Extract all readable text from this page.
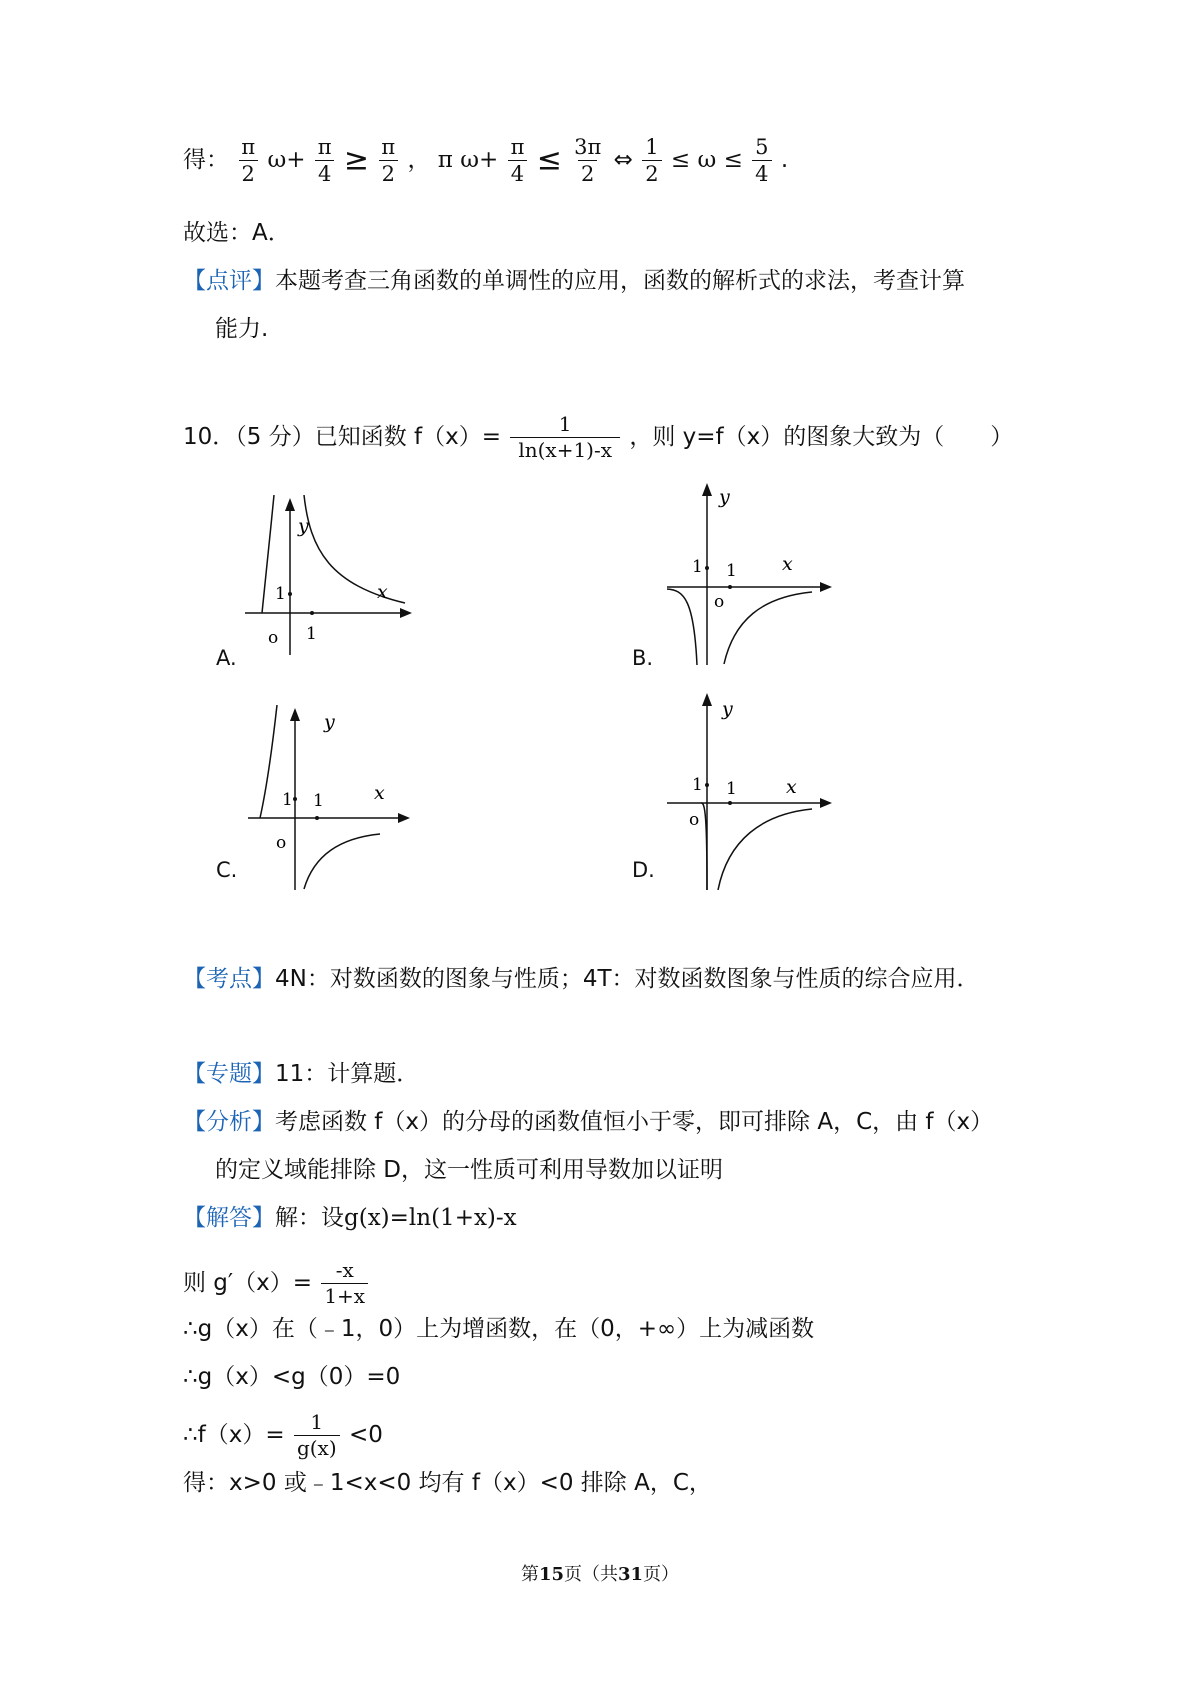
得： $\frac{\pi}{2} \omega+ \frac{\pi}{4} \ge \frac{\pi}{2}$ ， π $\omega+ \frac{\pi}{4} \le \frac{3\pi}{2}$ ⇔ $\frac{1}{2} \le \omega \le \frac{5}{4}$ .
故选：A．
【点评】本题考查三角函数的单调性的应用，函数的解析式的求法，考查计算
能力.
10．（5 分）已知函数 $f(x)= \frac{1}{\ln(x+1)-x}$ ，则 y=f（x）的图象大致为（　　）
y
x
1
1
o
A.
y
x
1 1
o
B.
y
x
1 1
o
C.
y
x
1 1
o
D.
【考点】4N：对数函数的图象与性质；4T：对数函数图象与性质的综合应用．
【专题】11：计算题．
【分析】考虑函数 f（x）的分母的函数值恒小于零，即可排除 A，C，由 f（x）
的定义域能排除 D，这一性质可利用导数加以证明
【解答】解：设g(x)=ln(1+x)-x
则 $g'(x)= \frac{-x}{1+x}$
∴g（x）在（﹣1，0）上为增函数，在（0，+∞）上为减函数
∴g（x）<g（0）=0
∴f（x）= $\frac{1}{g(x)} <0$
得：x>0 或﹣1<x<0 均有 f（x）<0 排除 A，C，
第15页（共31页）
